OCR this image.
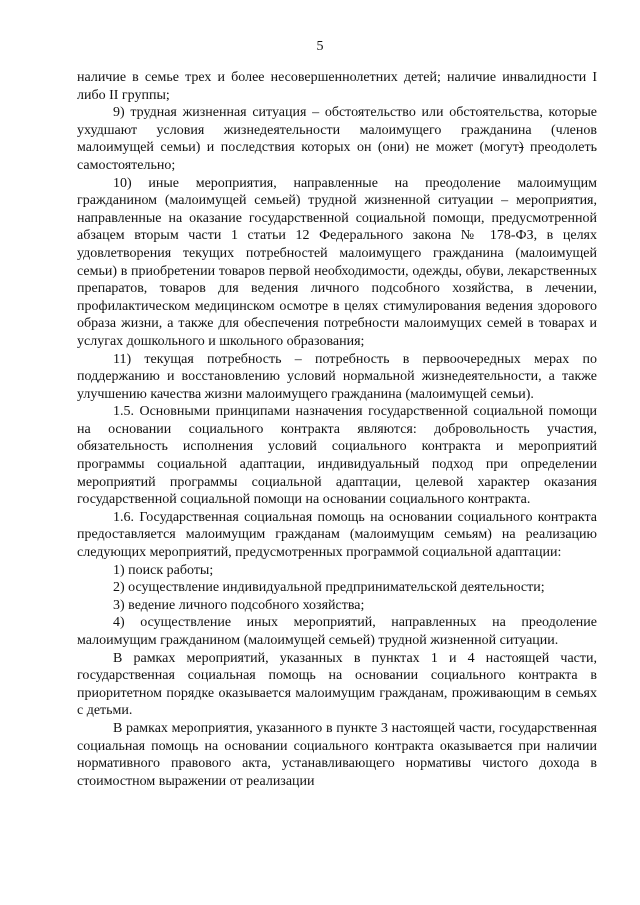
5

наличие в семье трех и более несовершеннолетних детей; наличие инвалидности I либо II группы;

9) трудная жизненная ситуация – обстоятельство или обстоятельства, которые ухудшают условия жизнедеятельности малоимущего гражданина (членов малоимущей семьи) и последствия которых он (они) не может (могут) преодолеть самостоятельно;

10) иные мероприятия, направленные на преодоление малоимущим гражданином (малоимущей семьей) трудной жизненной ситуации – мероприятия, направленные на оказание государственной социальной помощи, предусмотренной абзацем вторым части 1 статьи 12 Федерального закона № 178-ФЗ, в целях удовлетворения текущих потребностей малоимущего гражданина (малоимущей семьи) в приобретении товаров первой необходимости, одежды, обуви, лекарственных препаратов, товаров для ведения личного подсобного хозяйства, в лечении, профилактическом медицинском осмотре в целях стимулирования ведения здорового образа жизни, а также для обеспечения потребности малоимущих семей в товарах и услугах дошкольного и школьного образования;

11) текущая потребность – потребность в первоочередных мерах по поддержанию и восстановлению условий нормальной жизнедеятельности, а также улучшению качества жизни малоимущего гражданина (малоимущей семьи).

1.5. Основными принципами назначения государственной социальной помощи на основании социального контракта являются: добровольность участия, обязательность исполнения условий социального контракта и мероприятий программы социальной адаптации, индивидуальный подход при определении мероприятий программы социальной адаптации, целевой характер оказания государственной социальной помощи на основании социального контракта.

1.6. Государственная социальная помощь на основании социального контракта предоставляется малоимущим гражданам (малоимущим семьям) на реализацию следующих мероприятий, предусмотренных программой социальной адаптации:

1) поиск работы;

2) осуществление индивидуальной предпринимательской деятельности;

3) ведение личного подсобного хозяйства;

4) осуществление иных мероприятий, направленных на преодоление малоимущим гражданином (малоимущей семьей) трудной жизненной ситуации.

В рамках мероприятий, указанных в пунктах 1 и 4 настоящей части, государственная социальная помощь на основании социального контракта в приоритетном порядке оказывается малоимущим гражданам, проживающим в семьях с детьми.

В рамках мероприятия, указанного в пункте 3 настоящей части, государственная социальная помощь на основании социального контракта оказывается при наличии нормативного правового акта, устанавливающего нормативы чистого дохода в стоимостном выражении от реализации
